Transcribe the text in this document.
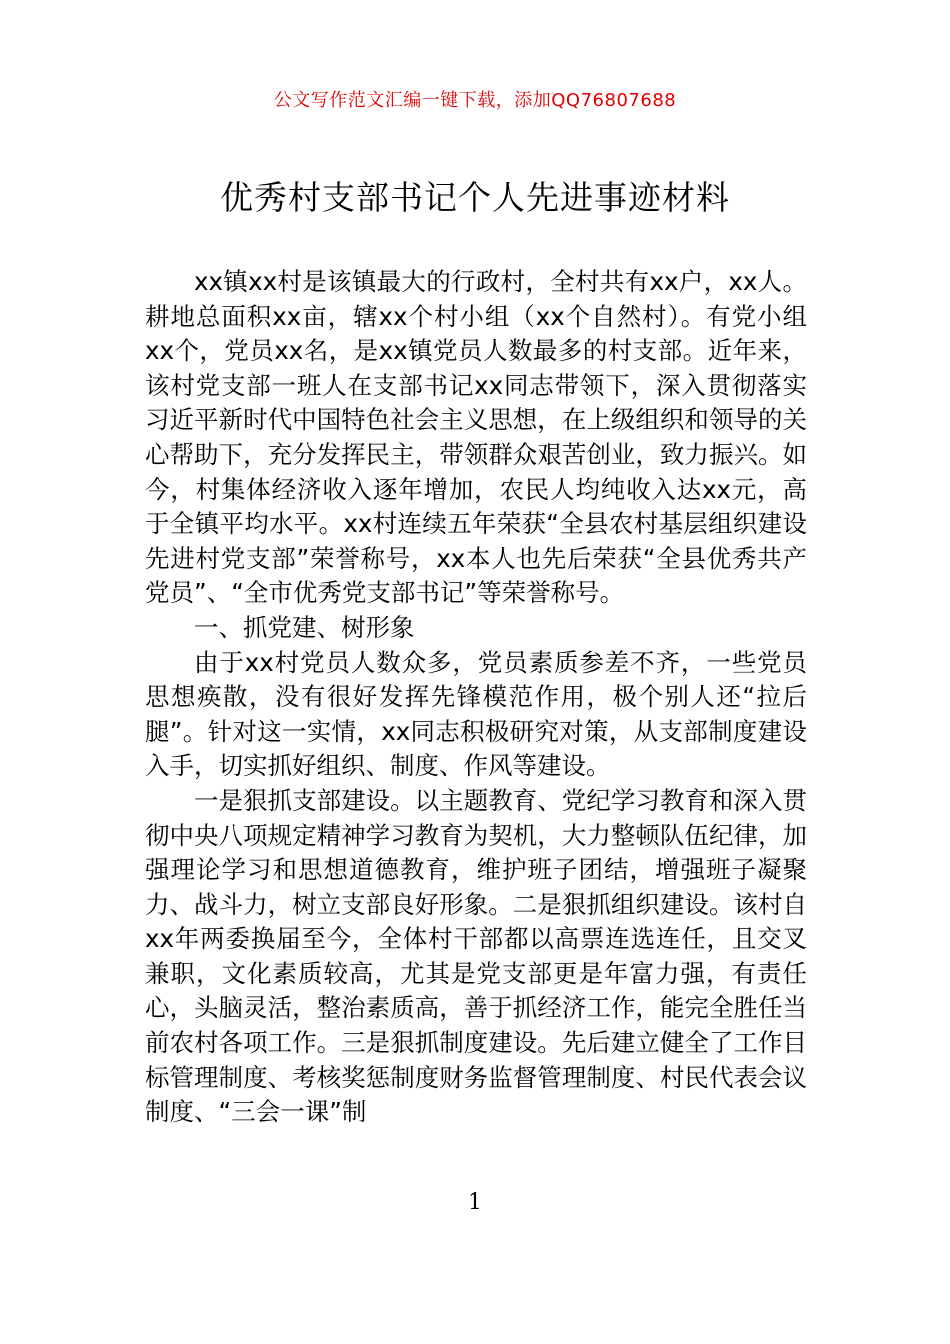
公文写作范文汇编一键下载，添加QQ76807688
优秀村支部书记个人先进事迹材料

xx镇xx村是该镇最大的行政村，全村共有xx户，xx人。耕地总面积xx亩，辖xx个村小组（xx个自然村）。有党小组xx个，党员xx名，是xx镇党员人数最多的村支部。近年来，该村党支部一班人在支部书记xx同志带领下，深入贯彻落实习近平新时代中国特色社会主义思想，在上级组织和领导的关心帮助下，充分发挥民主，带领群众艰苦创业，致力振兴。如今，村集体经济收入逐年增加，农民人均纯收入达xx元，高于全镇平均水平。xx村连续五年荣获“全县农村基层组织建设先进村党支部”荣誉称号，xx本人也先后荣获“全县优秀共产党员”、“全市优秀党支部书记”等荣誉称号。

一、抓党建、树形象

由于xx村党员人数众多，党员素质参差不齐，一些党员思想痪散，没有很好发挥先锋模范作用，极个别人还“拉后腿”。针对这一实情，xx同志积极研究对策，从支部制度建设入手，切实抓好组织、制度、作风等建设。

一是狠抓支部建设。以主题教育、党纪学习教育和深入贯彻中央八项规定精神学习教育为契机，大力整顿队伍纪律，加强理论学习和思想道德教育，维护班子团结，增强班子凝聚力、战斗力，树立支部良好形象。二是狠抓组织建设。该村自xx年两委换届至今，全体村干部都以高票连选连任，且交叉兼职，文化素质较高，尤其是党支部更是年富力强，有责任心，头脑灵活，整治素质高，善于抓经济工作，能完全胜任当前农村各项工作。三是狠抓制度建设。先后建立健全了工作目标管理制度、考核奖惩制度财务监督管理制度、村民代表会议制度、“三会一课”制

1
